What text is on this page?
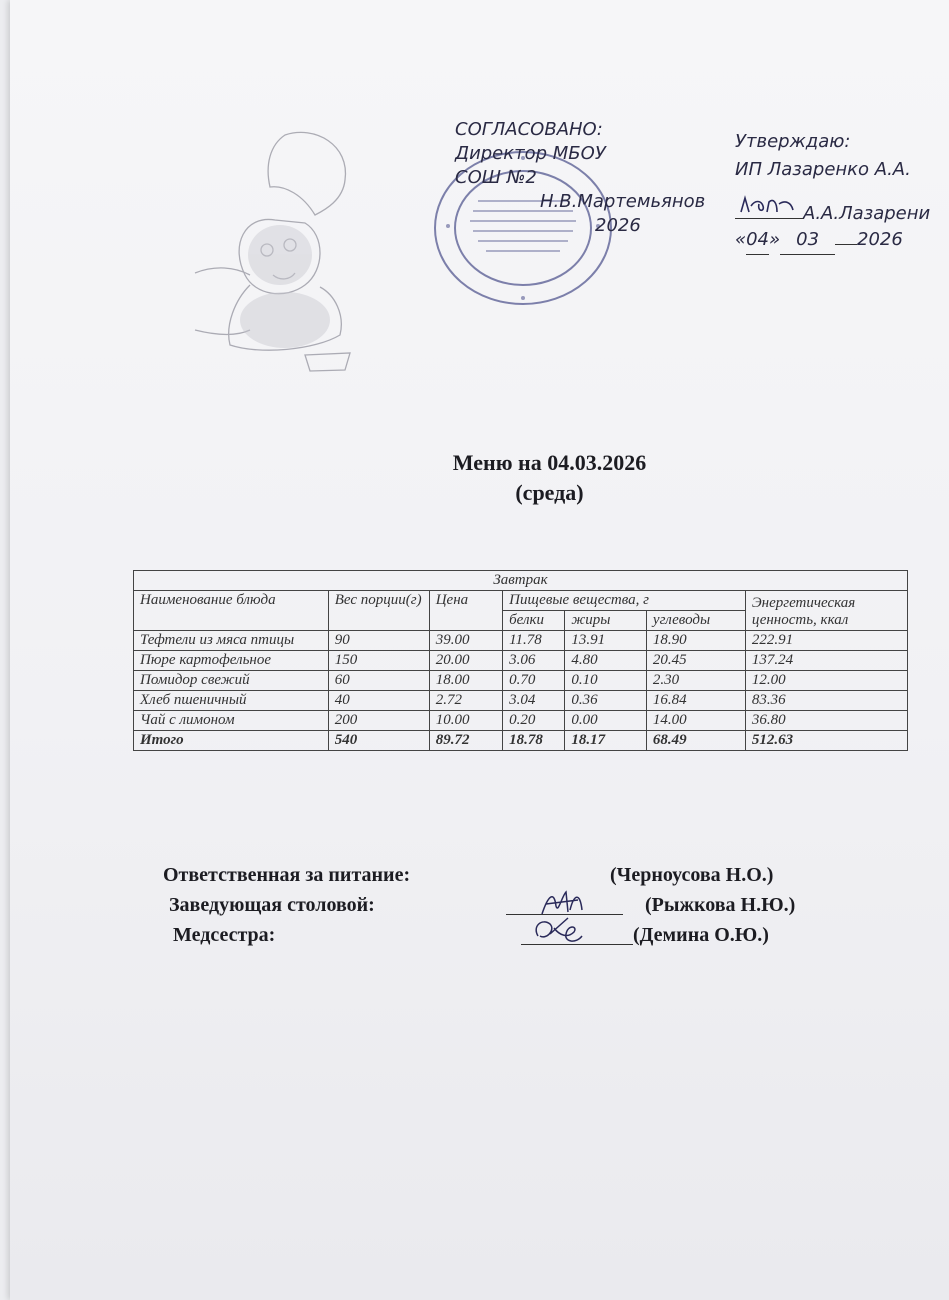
СОГЛАСОВАНО:
Директор МБОУ
СОШ №2
Н.В.Мартемьянов
2026
Утверждаю:
ИП Лазаренко А.А.
А.А.Лазарени
«04» 03 2026
Меню на 04.03.2026
(среда)
Завтрак						
Наименование блюда	Вес порции(г)	Цена	Пищевые вещества, г			Энергетическая ценность, ккал
			белки	жиры	углеводы	
Тефтели из мяса птицы	90	39.00	11.78	13.91	18.90	222.91
Пюре картофельное	150	20.00	3.06	4.80	20.45	137.24
Помидор свежий	60	18.00	0.70	0.10	2.30	12.00
Хлеб пшеничный	40	2.72	3.04	0.36	16.84	83.36
Чай с лимоном	200	10.00	0.20	0.00	14.00	36.80
Итого	540	89.72	18.78	18.17	68.49	512.63
Ответственная за питание:	(Черноусова Н.О.)
Заведующая столовой:	(Рыжкова Н.Ю.)
Медсестра:	(Демина О.Ю.)
